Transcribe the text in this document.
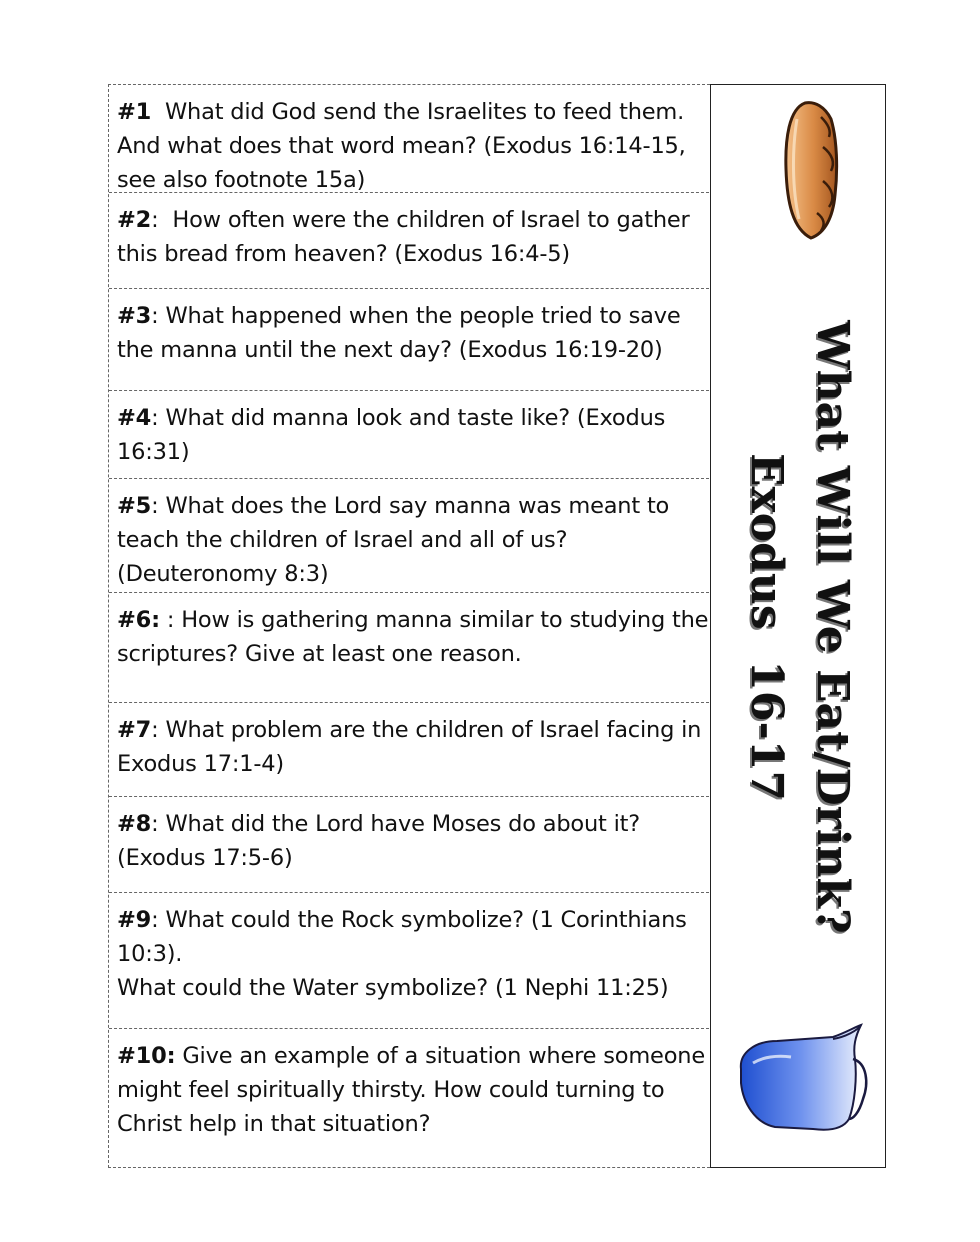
#1  What did God send the Israelites to feed them.
And what does that word mean? (Exodus 16:14-15,
see also footnote 15a)
#2:  How often were the children of Israel to gather
this bread from heaven? (Exodus 16:4-5)
#3: What happened when the people tried to save
the manna until the next day? (Exodus 16:19-20)
#4: What did manna look and taste like? (Exodus
16:31)
#5: What does the Lord say manna was meant to
teach the children of Israel and all of us?
(Deuteronomy 8:3)
#6: : How is gathering manna similar to studying the
scriptures? Give at least one reason.
#7: What problem are the children of Israel facing in
Exodus 17:1-4)
#8: What did the Lord have Moses do about it?
(Exodus 17:5-6)
#9: What could the Rock symbolize? (1 Corinthians
10:3).
What could the Water symbolize? (1 Nephi 11:25)
#10: Give an example of a situation where someone
might feel spiritually thirsty. How could turning to
Christ help in that situation?
What Will We Eat/Drink?
Exodus  16-17
